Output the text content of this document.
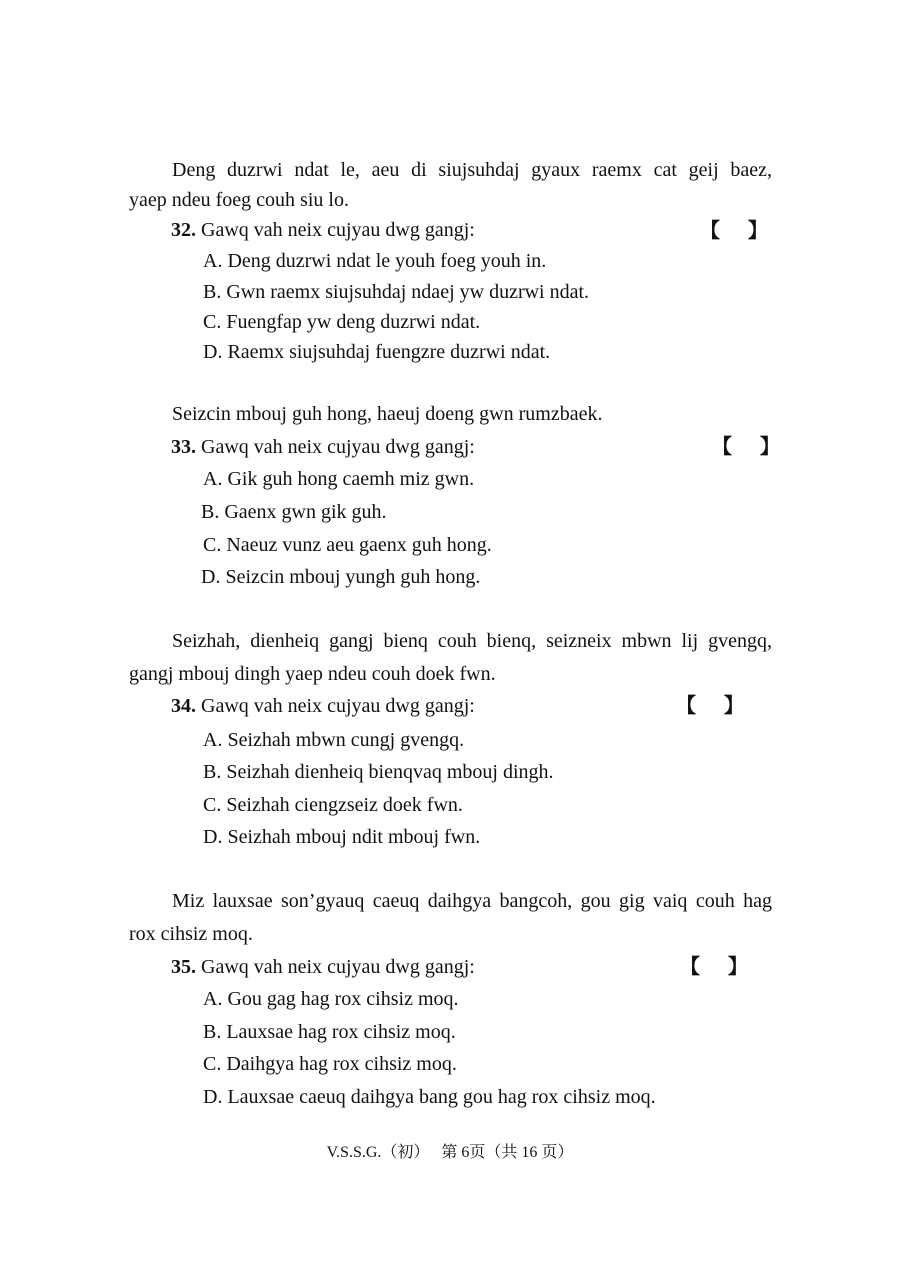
Deng duzrwi ndat le, aeu di siujsuhdaj gyaux raemx cat geij baez,
yaep ndeu foeg couh siu lo.
32. Gawq vah neix cujyau dwg gangj:	【    】
A. Deng duzrwi ndat le youh foeg youh in.
B. Gwn raemx siujsuhdaj ndaej yw duzrwi ndat.
C. Fuengfap yw deng duzrwi ndat.
D. Raemx siujsuhdaj fuengzre duzrwi ndat.
Seizcin mbouj guh hong, haeuj doeng gwn rumzbaek.
33. Gawq vah neix cujyau dwg gangj:	【    】
A. Gik guh hong caemh miz gwn.
B. Gaenx gwn gik guh.
C. Naeuz vunz aeu gaenx guh hong.
D. Seizcin mbouj yungh guh hong.
Seizhah, dienheiq gangj bienq couh bienq, seizneix mbwn lij gvengq,
gangj mbouj dingh yaep ndeu couh doek fwn.
34. Gawq vah neix cujyau dwg gangj:	【    】
A. Seizhah mbwn cungj gvengq.
B. Seizhah dienheiq bienqvaq mbouj dingh.
C. Seizhah ciengzseiz doek fwn.
D. Seizhah mbouj ndit mbouj fwn.
Miz lauxsae son’gyauq caeuq daihgya bangcoh, gou gig vaiq couh hag
rox cihsiz moq.
35. Gawq vah neix cujyau dwg gangj:	【    】
A. Gou gag hag rox cihsiz moq.
B. Lauxsae hag rox cihsiz moq.
C. Daihgya hag rox cihsiz moq.
D. Lauxsae caeuq daihgya bang gou hag rox cihsiz moq.
V.S.S.G.（初）   第 6页（共 16 页）
